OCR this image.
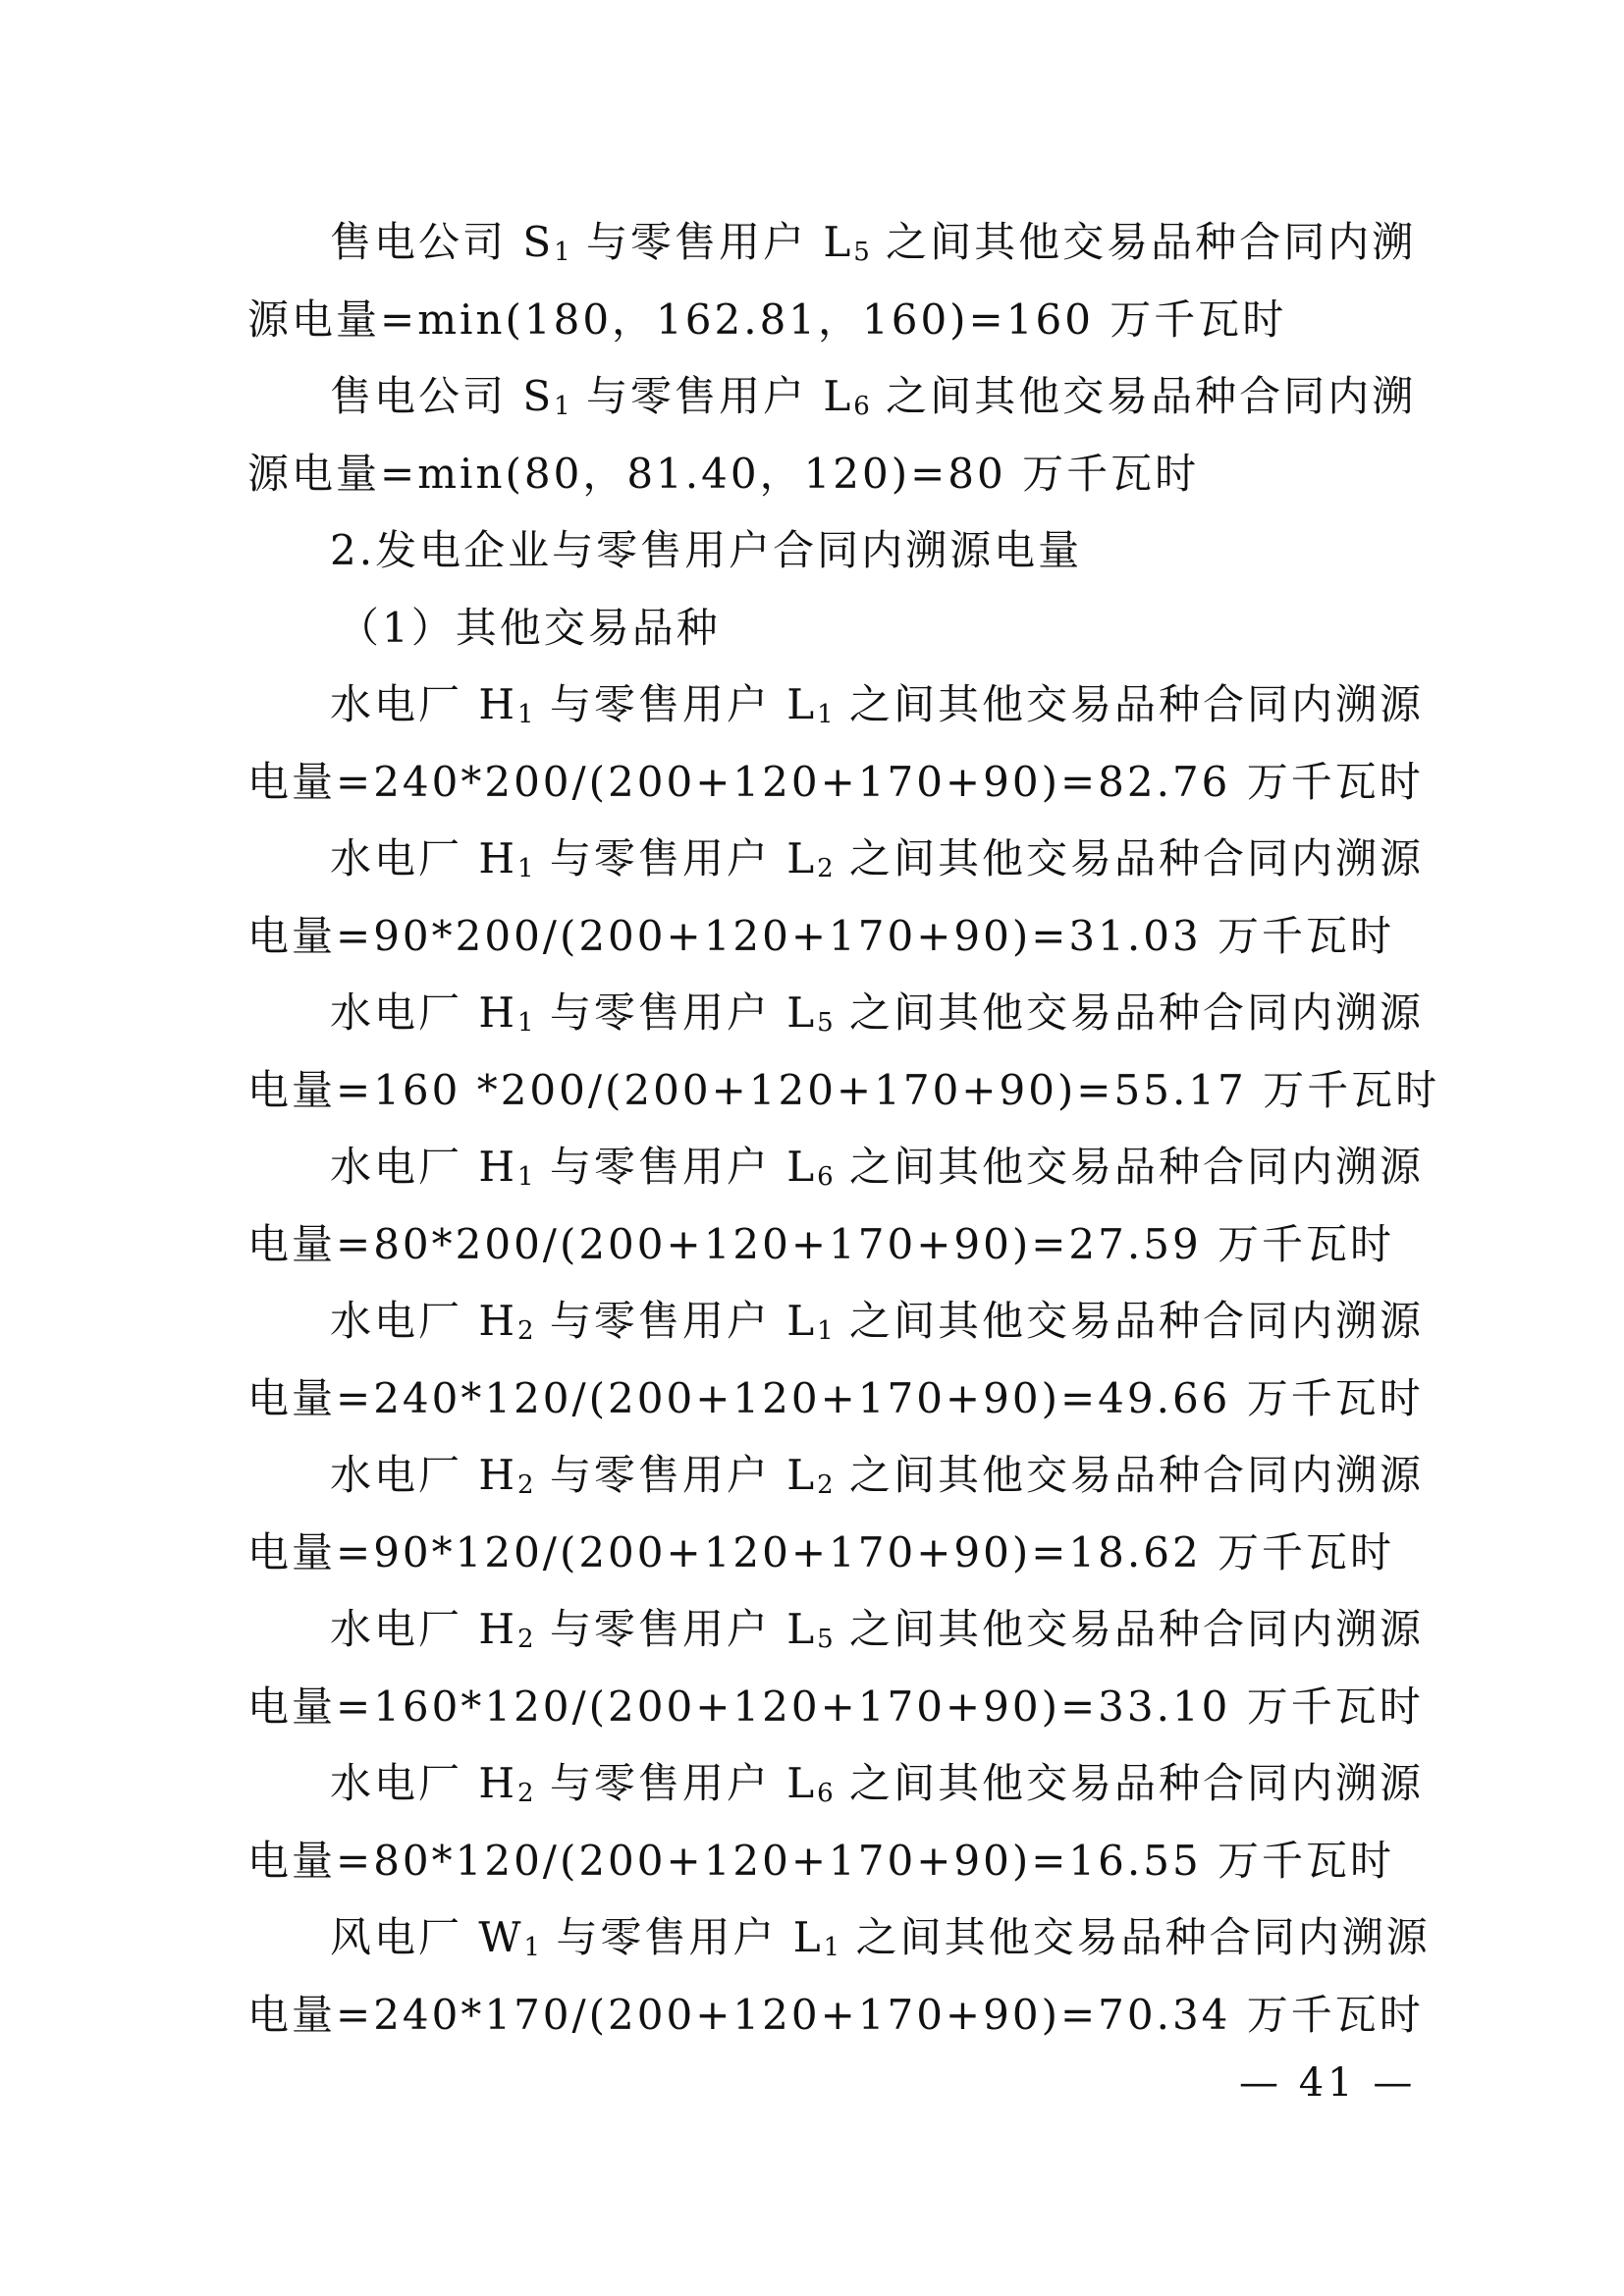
售电公司 $S_1$ 与零售用户 $L_5$ 之间其他交易品种合同内溯
源电量=min(180，162.81，160)=160 万千瓦时
售电公司 $S_1$ 与零售用户 $L_6$ 之间其他交易品种合同内溯
源电量=min(80，81.40，120)=80 万千瓦时
2.发电企业与零售用户合同内溯源电量
（1）其他交易品种
水电厂 $H_1$ 与零售用户 $L_1$ 之间其他交易品种合同内溯源
电量=240*200/(200+120+170+90)=82.76 万千瓦时
水电厂 $H_1$ 与零售用户 $L_2$ 之间其他交易品种合同内溯源
电量=90*200/(200+120+170+90)=31.03 万千瓦时
水电厂 $H_1$ 与零售用户 $L_5$ 之间其他交易品种合同内溯源
电量=160 *200/(200+120+170+90)=55.17 万千瓦时
水电厂 $H_1$ 与零售用户 $L_6$ 之间其他交易品种合同内溯源
电量=80*200/(200+120+170+90)=27.59 万千瓦时
水电厂 $H_2$ 与零售用户 $L_1$ 之间其他交易品种合同内溯源
电量=240*120/(200+120+170+90)=49.66 万千瓦时
水电厂 $H_2$ 与零售用户 $L_2$ 之间其他交易品种合同内溯源
电量=90*120/(200+120+170+90)=18.62 万千瓦时
水电厂 $H_2$ 与零售用户 $L_5$ 之间其他交易品种合同内溯源
电量=160*120/(200+120+170+90)=33.10 万千瓦时
水电厂 $H_2$ 与零售用户 $L_6$ 之间其他交易品种合同内溯源
电量=80*120/(200+120+170+90)=16.55 万千瓦时
风电厂 $W_1$ 与零售用户 $L_1$ 之间其他交易品种合同内溯源
电量=240*170/(200+120+170+90)=70.34 万千瓦时
— 41 —
